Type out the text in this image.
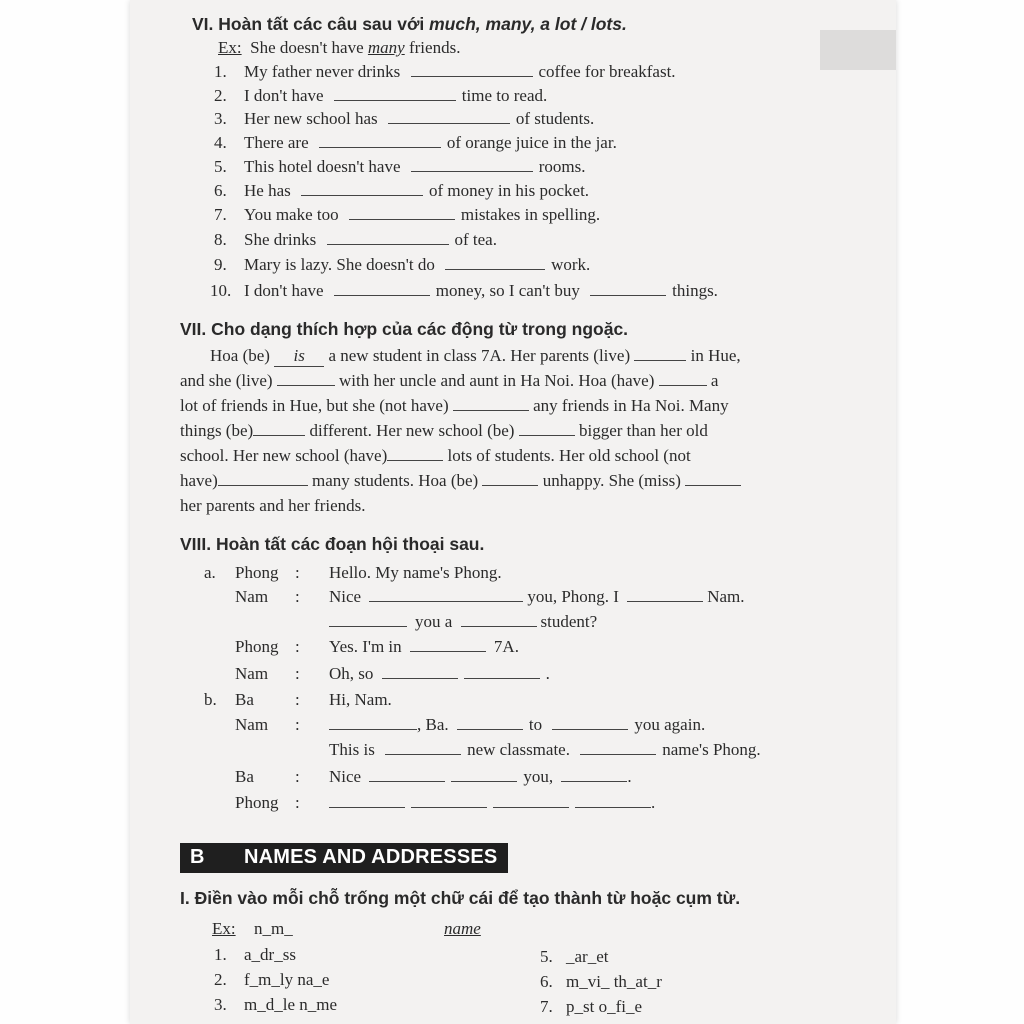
VI. Hoàn tất các câu sau với much, many, a lot / lots.
Ex: She doesn't have many friends.
1. My father never drinks	coffee for breakfast.
2. I don't have	time to read.
3. Her new school has	of students.
4. There are	of orange juice in the jar.
5. This hotel doesn't have	rooms.
6. He has	of money in his pocket.
7. You make too	mistakes in spelling.
8. She drinks	of tea.
9. Mary is lazy. She doesn't do	work.
10. I don't have	money, so I can't buy	things.
VII. Cho dạng thích hợp của các động từ trong ngoặc.
Hoa (be) is a new student in class 7A. Her parents (live)	in Hue,
and she (live)	with her uncle and aunt in Ha Noi. Hoa (have)	a
lot of friends in Hue, but she (not have)	any friends in Ha Noi. Many
things (be)	different. Her new school (be)	bigger than her old
school. Her new school (have)	lots of students. Her old school (not
have)	many students. Hoa (be)	unhappy. She (miss)
her parents and her friends.
VIII. Hoàn tất các đoạn hội thoại sau.
a. Phong : Hello. My name's Phong.
Nam : Nice	you, Phong. I	Nam.
you a	student?
Phong : Yes. I'm in	7A.
Nam : Oh, so	.
b. Ba : Hi, Nam.
Nam :	, Ba.	to	you again.
This is	new classmate.	name's Phong.
Ba : Nice	you,	.
Phong :	.
B NAMES AND ADDRESSES
I. Điền vào mỗi chỗ trống một chữ cái để tạo thành từ hoặc cụm từ.
Ex: n_m_	name
1. a_dr_ss
2. f_m_ly na_e
3. m_d_le n_me
5. _ar_et
6. m_vi_ th_at_r
7. p_st o_fi_e
